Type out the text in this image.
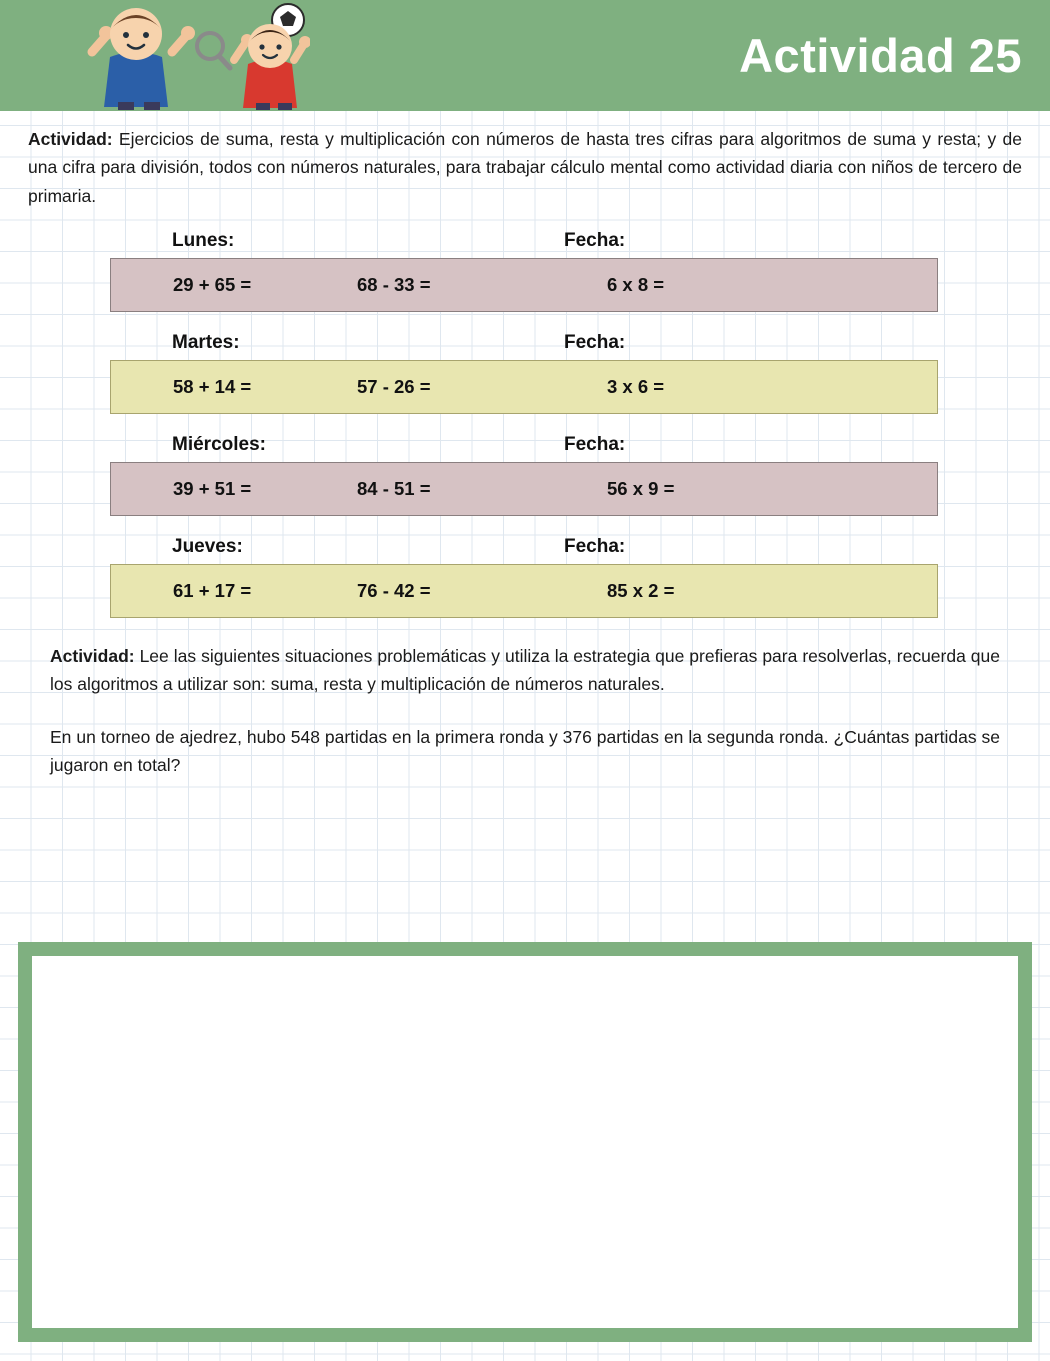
Actividad 25

Actividad: Ejercicios de suma, resta y multiplicación con números de hasta tres cifras para algoritmos de suma y resta; y de una cifra para división, todos con números naturales, para trabajar cálculo mental como actividad diaria con niños de tercero de primaria.

Lunes:	Fecha:
29 + 65 =	68 - 33 =	6 x 8 =
Martes:	Fecha:
58 + 14 =	57 - 26 =	3 x 6 =
Miércoles:	Fecha:
39 + 51 =	84 - 51 =	56 x 9 =
Jueves:	Fecha:
61 + 17 =	76 - 42 =	85 x 2 =

Actividad: Lee las siguientes situaciones problemáticas y utiliza la estrategia que prefieras para resolverlas, recuerda que los algoritmos a utilizar son: suma, resta y multiplicación de números naturales.

En un torneo de ajedrez, hubo 548 partidas en la primera ronda y 376 partidas en la segunda ronda. ¿Cuántas partidas se jugaron en total?
